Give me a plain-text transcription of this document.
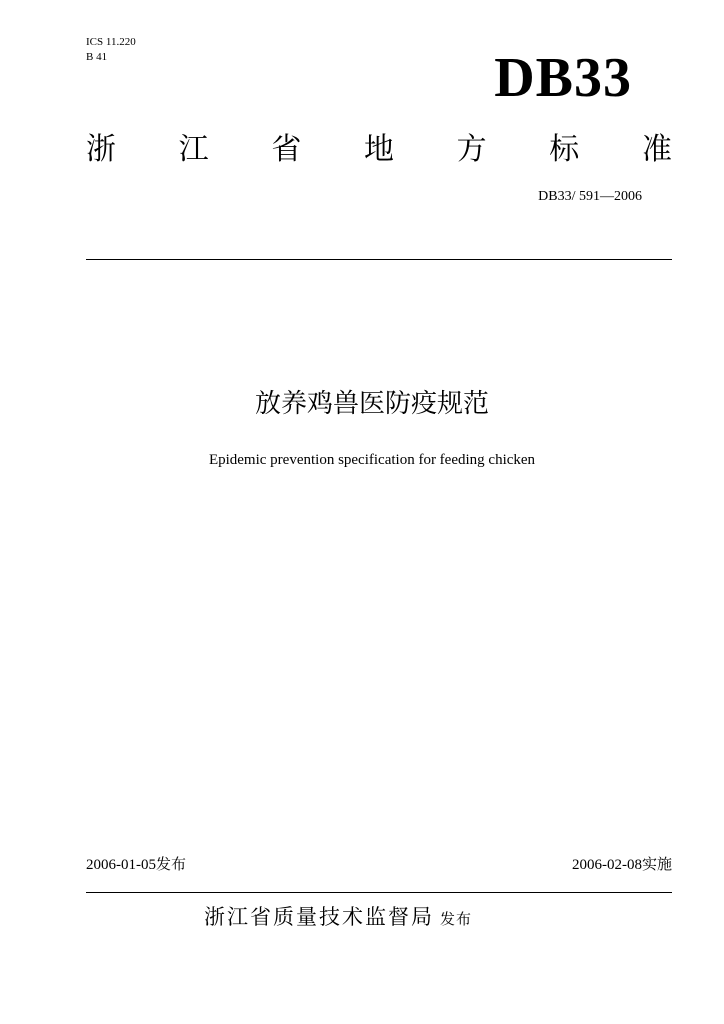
ICS 11.220
B 41	DB33
浙 江 省 地 方 标 准
DB33/ 591—2006
放养鸡兽医防疫规范
Epidemic prevention specification for feeding chicken
2006-01-05发布	2006-02-08实施
浙江省质量技术监督局 发布
